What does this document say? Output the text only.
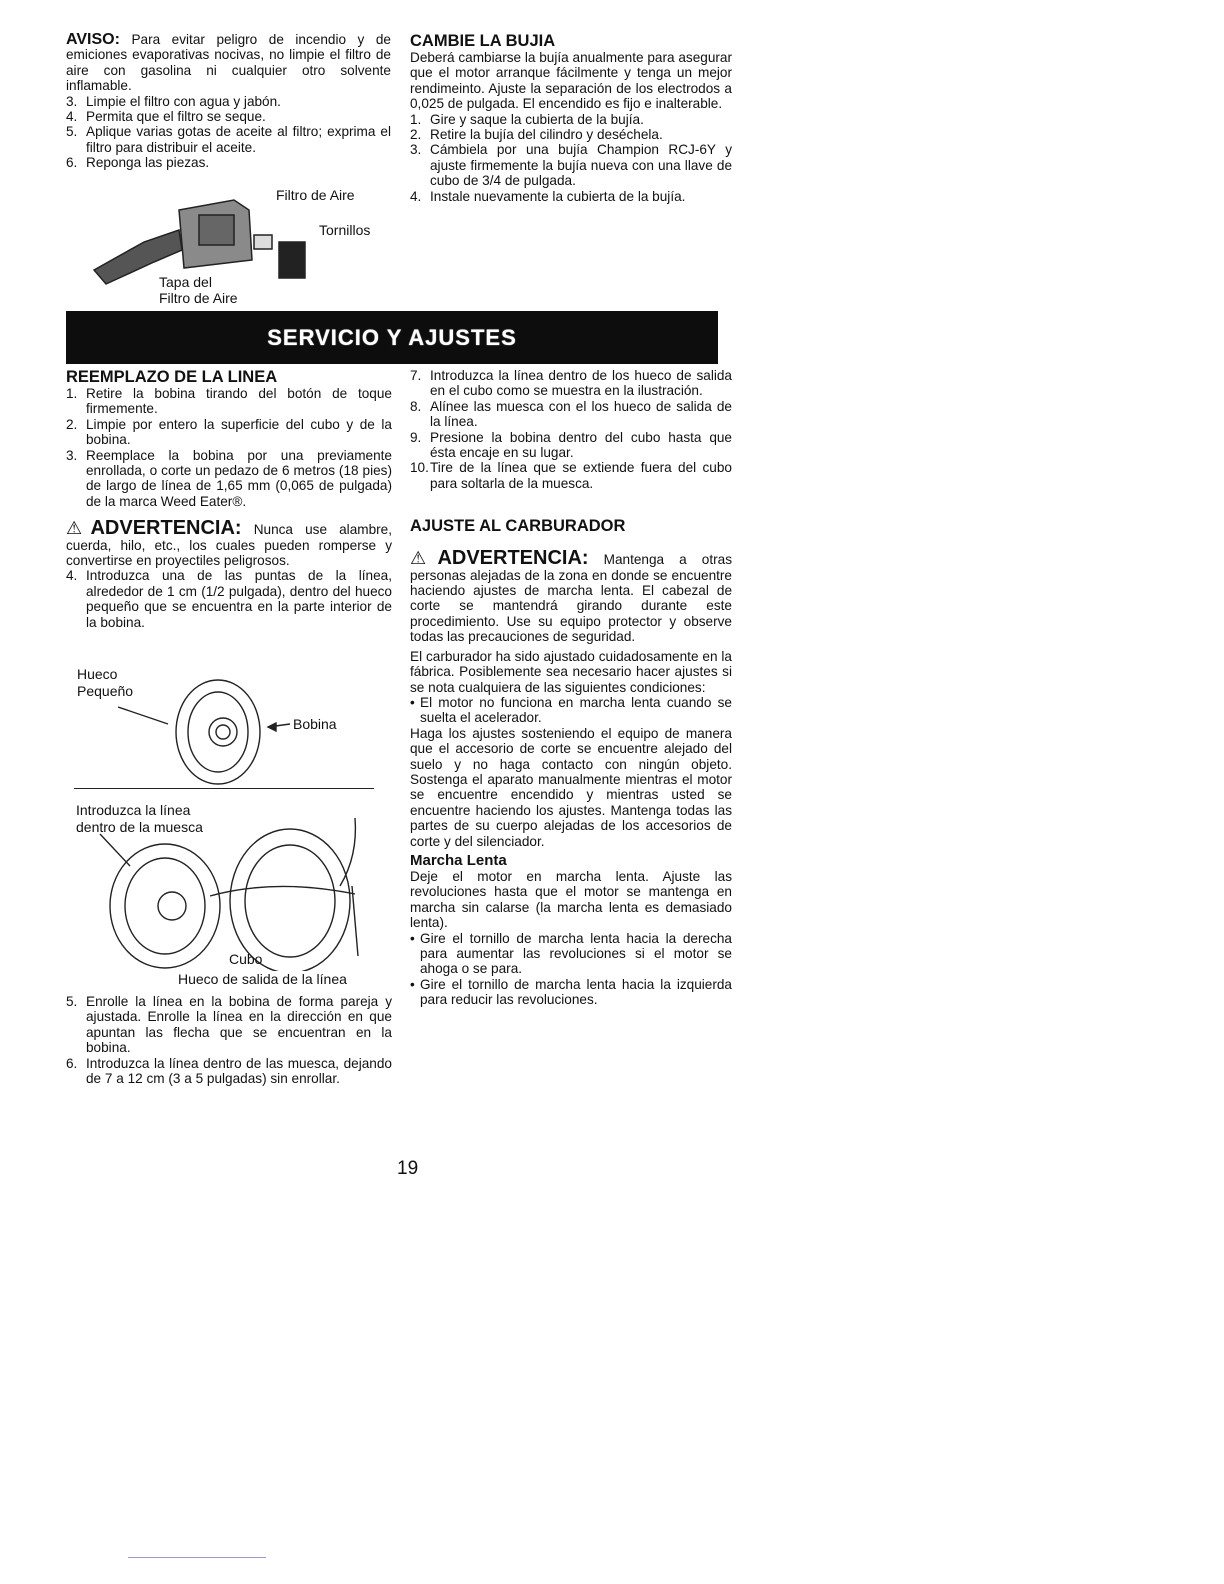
AVISO: Para evitar peligro de incendio y de emiciones evaporativas nocivas, no limpie el filtro de aire con gasolina ni cualquier otro solvente inflamable.

3. Limpie el filtro con agua y jabón.
4. Permita que el filtro se seque.
5. Aplique varias gotas de aceite al filtro; exprima el filtro para distribuir el aceite.
6. Reponga las piezas.
Filtro de Aire
Tornillos
Tapa del
Filtro de Aire

CAMBIE LA BUJIA

Deberá cambiarse la bujía anualmente para asegurar que el motor arranque fácilmente y tenga un mejor rendimeinto. Ajuste la separación de los electrodos a 0,025 de pulgada. El encendido es fijo e inalterable.

1. Gire y saque la cubierta de la bujía.
2. Retire la bujía del cilindro y deséchela.
3. Cámbiela por una bujía Champion RCJ-6Y y ajuste firmemente la bujía nueva con una llave de cubo de 3/4 de pulgada.
4. Instale nuevamente la cubierta de la bujía.
SERVICIO Y AJUSTES

REEMPLAZO DE LA LINEA

1. Retire la bobina tirando del botón de toque firmemente.
2. Limpie por entero la superficie del cubo y de la bobina.
3. Reemplace la bobina por una previamente enrollada, o corte un pedazo de 6 metros (18 pies) de largo de línea de 1,65 mm (0,065 de pulgada) de la marca Weed Eater®.

⚠ADVERTENCIA: Nunca use alambre, cuerda, hilo, etc., los cuales pueden romperse y convertirse en proyectiles peligrosos.

4. Introduzca una de las puntas de la línea, alrededor de 1 cm (1/2 pulgada), dentro del hueco pequeño que se encuentra en la parte interior de la bobina.
Hueco
Pequeño
Bobina
Introduzca la línea
dentro de la muesca
Cubo
Hueco de salida de la línea
5. Enrolle la línea en la bobina de forma pareja y ajustada. Enrolle la línea en la dirección en que apuntan las flecha que se encuentran en la bobina.
6. Introduzca la línea dentro de las muesca, dejando de 7 a 12 cm (3 a 5 pulgadas) sin enrollar.
7. Introduzca la línea dentro de los hueco de salida en el cubo como se muestra en la ilustración.
8. Alínee las muesca con el los hueco de salida de la línea.
9. Presione la bobina dentro del cubo hasta que ésta encaje en su lugar.
10. Tire de la línea que se extiende fuera del cubo para soltarla de la muesca.

AJUSTE AL CARBURADOR

⚠ADVERTENCIA: Mantenga a otras personas alejadas de la zona en donde se encuentre haciendo ajustes de marcha lenta. El cabezal de corte se mantendrá girando durante este procedimiento. Use su equipo protector y observe todas las precauciones de seguridad.

El carburador ha sido ajustado cuidadosamente en la fábrica. Posiblemente sea necesario hacer ajustes si se nota cualquiera de las siguientes condiciones:

• El motor no funciona en marcha lenta cuando se suelta el acelerador.

Haga los ajustes sosteniendo el equipo de manera que el accesorio de corte se encuentre alejado del suelo y no haga contacto con ningún objeto. Sostenga el aparato manualmente mientras el motor se encuentre encendido y mientras usted se encuentre haciendo los ajustes. Mantenga todas las partes de su cuerpo alejadas de los accesorios de corte y del silenciador.

Marcha Lenta

Deje el motor en marcha lenta. Ajuste las revoluciones hasta que el motor se mantenga en marcha sin calarse (la marcha lenta es demasiado lenta).

• Gire el tornillo de marcha lenta hacia la derecha para aumentar las revoluciones si el motor se ahoga o se para.
• Gire el tornillo de marcha lenta hacia la izquierda para reducir las revoluciones.
19
